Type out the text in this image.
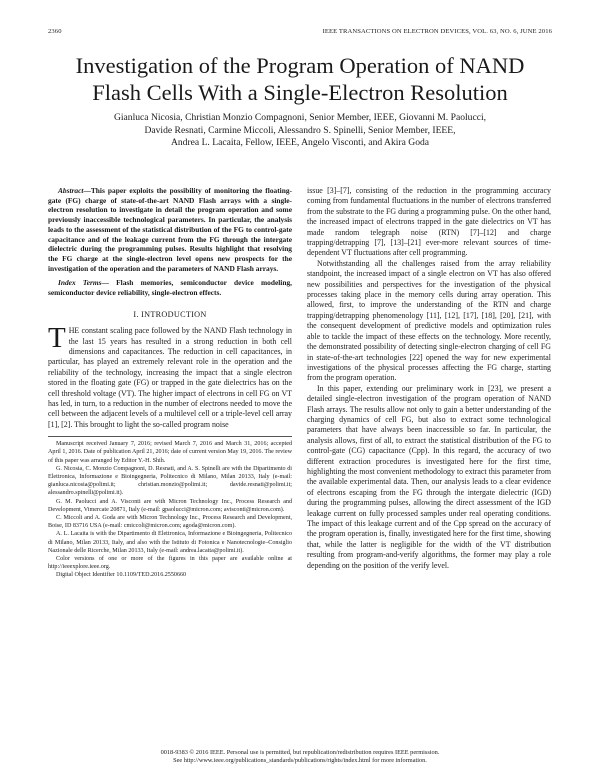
2360	IEEE TRANSACTIONS ON ELECTRON DEVICES, VOL. 63, NO. 6, JUNE 2016
Investigation of the Program Operation of NAND
Flash Cells With a Single-Electron Resolution
Gianluca Nicosia, Christian Monzio Compagnoni, Senior Member, IEEE, Giovanni M. Paolucci,
Davide Resnati, Carmine Miccoli, Alessandro S. Spinelli, Senior Member, IEEE,
Andrea L. Lacaita, Fellow, IEEE, Angelo Visconti, and Akira Goda

Abstract—This paper exploits the possibility of monitoring the floating-gate (FG) charge of state-of-the-art NAND Flash arrays with a single-electron resolution to investigate in detail the program operation and some previously inaccessible technological parameters. In particular, the analysis leads to the assessment of the statistical distribution of the FG to control-gate capacitance and of the leakage current from the FG through the intergate dielectric during the programming pulses. Results highlight that resolving the FG charge at the single-electron level opens new prospects for the investigation of the operation and the parameters of NAND Flash arrays.

Index Terms— Flash memories, semiconductor device modeling, semiconductor device reliability, single-electron effects.

I. INTRODUCTION

THE constant scaling pace followed by the NAND Flash technology in the last 15 years has resulted in a strong reduction in both cell dimensions and capacitances. The reduction in cell capacitances, in particular, has played an extremely relevant role in the operation and the reliability of the technology, increasing the impact that a single electron stored in the floating gate (FG) or trapped in the gate dielectrics has on the cell threshold voltage (VT). The higher impact of electrons in cell FG on VT has led, in turn, to a reduction in the number of electrons needed to move the cell between the adjacent levels of a multilevel cell or a triple-level cell array [1], [2]. This brought to light the so-called program noise

Manuscript received January 7, 2016; revised March 7, 2016 and March 31, 2016; accepted April 1, 2016. Date of publication April 21, 2016; date of current version May 19, 2016. The review of this paper was arranged by Editor Y.-H. Shih.

G. Nicosia, C. Monzio Compagnoni, D. Resnati, and A. S. Spinelli are with the Dipartimento di Elettronica, Informazione e Bioingegneria, Politecnico di Milano, Milan 20133, Italy (e-mail: gianluca.nicosia@polimi.it; christian.monzio@polimi.it; davide.resnati@polimi.it; alessandro.spinelli@polimi.it).

G. M. Paolucci and A. Visconti are with Micron Technology Inc., Process Research and Development, Vimercate 20871, Italy (e-mail: gpaolucci@micron.com; avisconti@micron.com).

C. Miccoli and A. Goda are with Micron Technology Inc., Process Research and Development, Boise, ID 83716 USA (e-mail: cmiccoli@micron.com; agoda@micron.com).

A. L. Lacaita is with the Dipartimento di Elettronica, Informazione e Bioingegneria, Politecnico di Milano, Milan 20133, Italy, and also with the Istituto di Fotonica e Nanotecnologie–Consiglio Nazionale delle Ricerche, Milan 20133, Italy (e-mail: andrea.lacaita@polimi.it).

Color versions of one or more of the figures in this paper are available online at http://ieeexplore.ieee.org.

Digital Object Identifier 10.1109/TED.2016.2550660

issue [3]–[7], consisting of the reduction in the programming accuracy coming from fundamental fluctuations in the number of electrons transferred from the substrate to the FG during a programming pulse. On the other hand, the increased impact of electrons trapped in the gate dielectrics on VT has made random telegraph noise (RTN) [7]–[12] and charge trapping/detrapping [7], [13]–[21] ever-more relevant sources of time-dependent VT fluctuations after cell programming.

Notwithstanding all the challenges raised from the array reliability standpoint, the increased impact of a single electron on VT has also offered new possibilities and perspectives for the investigation of the physical processes taking place in the memory cells during array operation. This allowed, first, to improve the understanding of the RTN and charge trapping/detrapping phenomenology [11], [12], [17], [18], [20], [21], with the consequent development of predictive models and optimization rules able to tackle the impact of these effects on the technology. More recently, the demonstrated possibility of detecting single-electron charging of cell FG in state-of-the-art technologies [22] opened the way for new experimental investigations of the physical processes affecting the FG charge, starting from the program operation.

In this paper, extending our preliminary work in [23], we present a detailed single-electron investigation of the program operation of NAND Flash arrays. The results allow not only to gain a better understanding of the charging dynamics of cell FG, but also to extract some technological parameters that have always been inaccessible so far. In particular, the analysis allows, first of all, to extract the statistical distribution of the FG to control-gate (CG) capacitance (Cpp). In this regard, the accuracy of two different extraction procedures is investigated here for the first time, highlighting the most convenient methodology to extract this parameter from the available experimental data. Then, our analysis leads to a clear evidence of electrons escaping from the FG through the intergate dielectric (IGD) during the programming pulses, allowing the direct assessment of the IGD leakage current on fully processed samples under real operating conditions. The impact of this leakage current and of the Cpp spread on the accuracy of the program operation is, finally, investigated here for the first time, showing that, while the latter is negligible for the width of the VT distribution resulting from program-and-verify algorithms, the former may play a role depending on the position of the verify level.

0018-9383 © 2016 IEEE. Personal use is permitted, but republication/redistribution requires IEEE permission.
See http://www.ieee.org/publications_standards/publications/rights/index.html for more information.
